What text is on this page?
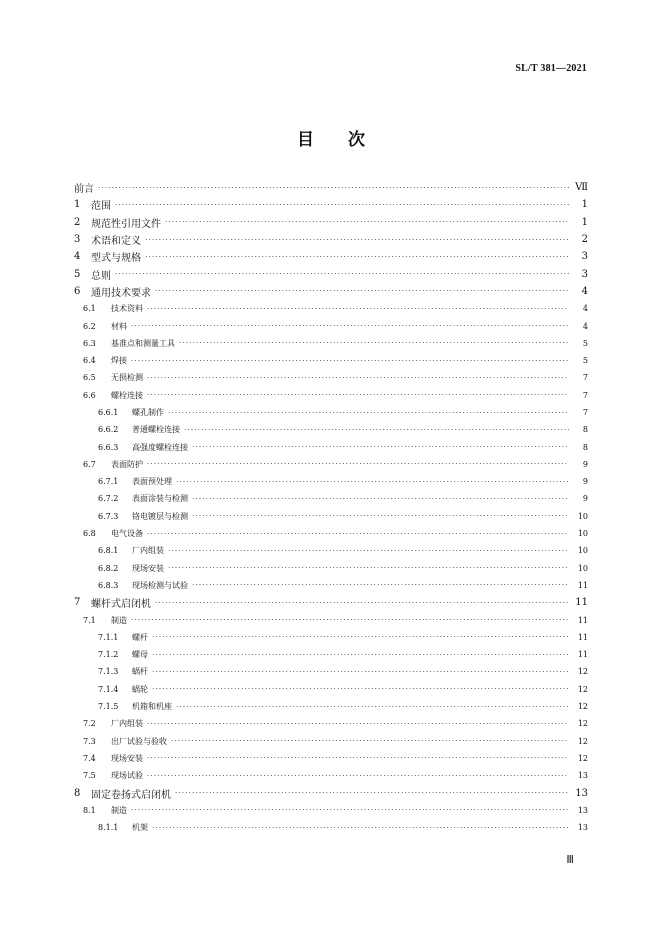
SL/T 381—2021
目　　次
前言 ·····	Ⅶ
1	范围 ·····	1
2	规范性引用文件 ·····	1
3	术语和定义 ·····	2
4	型式与规格 ·····	3
5	总则 ·····	3
6	通用技术要求 ·····	4
6.1	技术资料 ·····	4
6.2	材料 ·····	4
6.3	基准点和测量工具 ·····	5
6.4	焊接 ·····	5
6.5	无损检测 ·····	7
6.6	螺栓连接 ·····	7
6.6.1	螺孔制作 ·····	7
6.6.2	普通螺栓连接 ·····	8
6.6.3	高强度螺栓连接 ·····	8
6.7	表面防护 ·····	9
6.7.1	表面预处理 ·····	9
6.7.2	表面涂装与检测 ·····	9
6.7.3	铬电镀层与检测 ·····	10
6.8	电气设备 ·····	10
6.8.1	厂内组装 ·····	10
6.8.2	现场安装 ·····	10
6.8.3	现场检测与试验 ·····	11
7	螺杆式启闭机 ·····	11
7.1	制造 ·····	11
7.1.1	螺杆 ·····	11
7.1.2	螺母 ·····	11
7.1.3	蜗杆 ·····	12
7.1.4	蜗轮 ·····	12
7.1.5	机箱和机座 ·····	12
7.2	厂内组装 ·····	12
7.3	出厂试验与验收 ·····	12
7.4	现场安装 ·····	12
7.5	现场试验 ·····	13
8	固定卷扬式启闭机 ·····	13
8.1	制造 ·····	13
8.1.1	机架 ·····	13
Ⅲ
